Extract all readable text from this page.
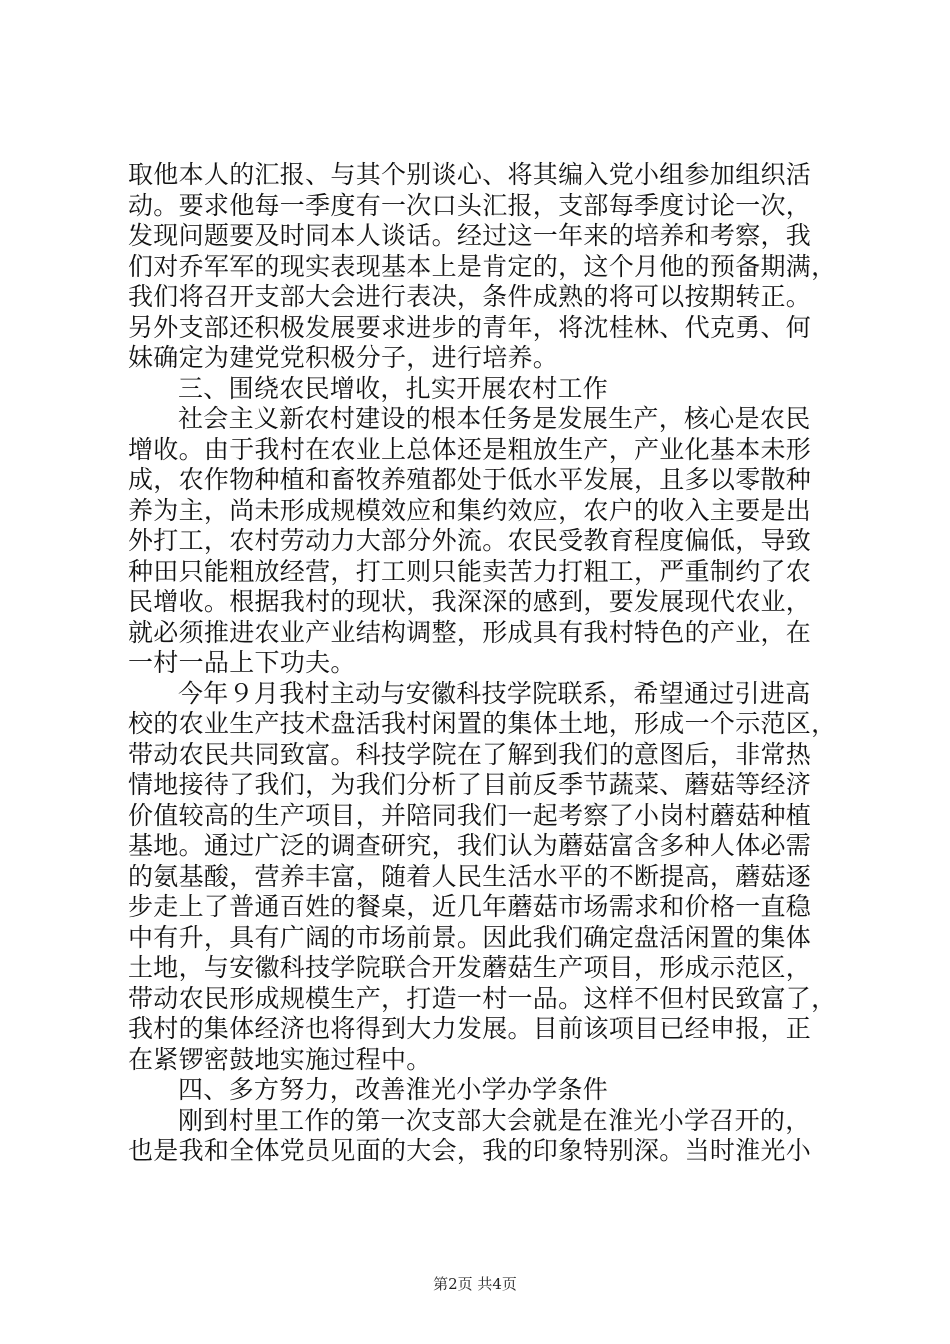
取他本人的汇报、与其个别谈心、将其编入党小组参加组织活
动。要求他每一季度有一次口头汇报，支部每季度讨论一次，
发现问题要及时同本人谈话。经过这一年来的培养和考察，我
们对乔军军的现实表现基本上是肯定的，这个月他的预备期满，
我们将召开支部大会进行表决，条件成熟的将可以按期转正。
另外支部还积极发展要求进步的青年，将沈桂林、代克勇、何
妹确定为建党党积极分子，进行培养。
三、围绕农民增收，扎实开展农村工作
社会主义新农村建设的根本任务是发展生产，核心是农民
增收。由于我村在农业上总体还是粗放生产，产业化基本未形
成，农作物种植和畜牧养殖都处于低水平发展，且多以零散种
养为主，尚未形成规模效应和集约效应，农户的收入主要是出
外打工，农村劳动力大部分外流。农民受教育程度偏低，导致
种田只能粗放经营，打工则只能卖苦力打粗工，严重制约了农
民增收。根据我村的现状，我深深的感到，要发展现代农业，
就必须推进农业产业结构调整，形成具有我村特色的产业，在
一村一品上下功夫。
今年９月我村主动与安徽科技学院联系，希望通过引进高
校的农业生产技术盘活我村闲置的集体土地，形成一个示范区，
带动农民共同致富。科技学院在了解到我们的意图后，非常热
情地接待了我们，为我们分析了目前反季节蔬菜、蘑菇等经济
价值较高的生产项目，并陪同我们一起考察了小岗村蘑菇种植
基地。通过广泛的调查研究，我们认为蘑菇富含多种人体必需
的氨基酸，营养丰富，随着人民生活水平的不断提高，蘑菇逐
步走上了普通百姓的餐桌，近几年蘑菇市场需求和价格一直稳
中有升，具有广阔的市场前景。因此我们确定盘活闲置的集体
土地，与安徽科技学院联合开发蘑菇生产项目，形成示范区，
带动农民形成规模生产，打造一村一品。这样不但村民致富了，
我村的集体经济也将得到大力发展。目前该项目已经申报，正
在紧锣密鼓地实施过程中。
四、多方努力，改善淮光小学办学条件
刚到村里工作的第一次支部大会就是在淮光小学召开的，
也是我和全体党员见面的大会，我的印象特别深。当时淮光小
第2页 共4页
